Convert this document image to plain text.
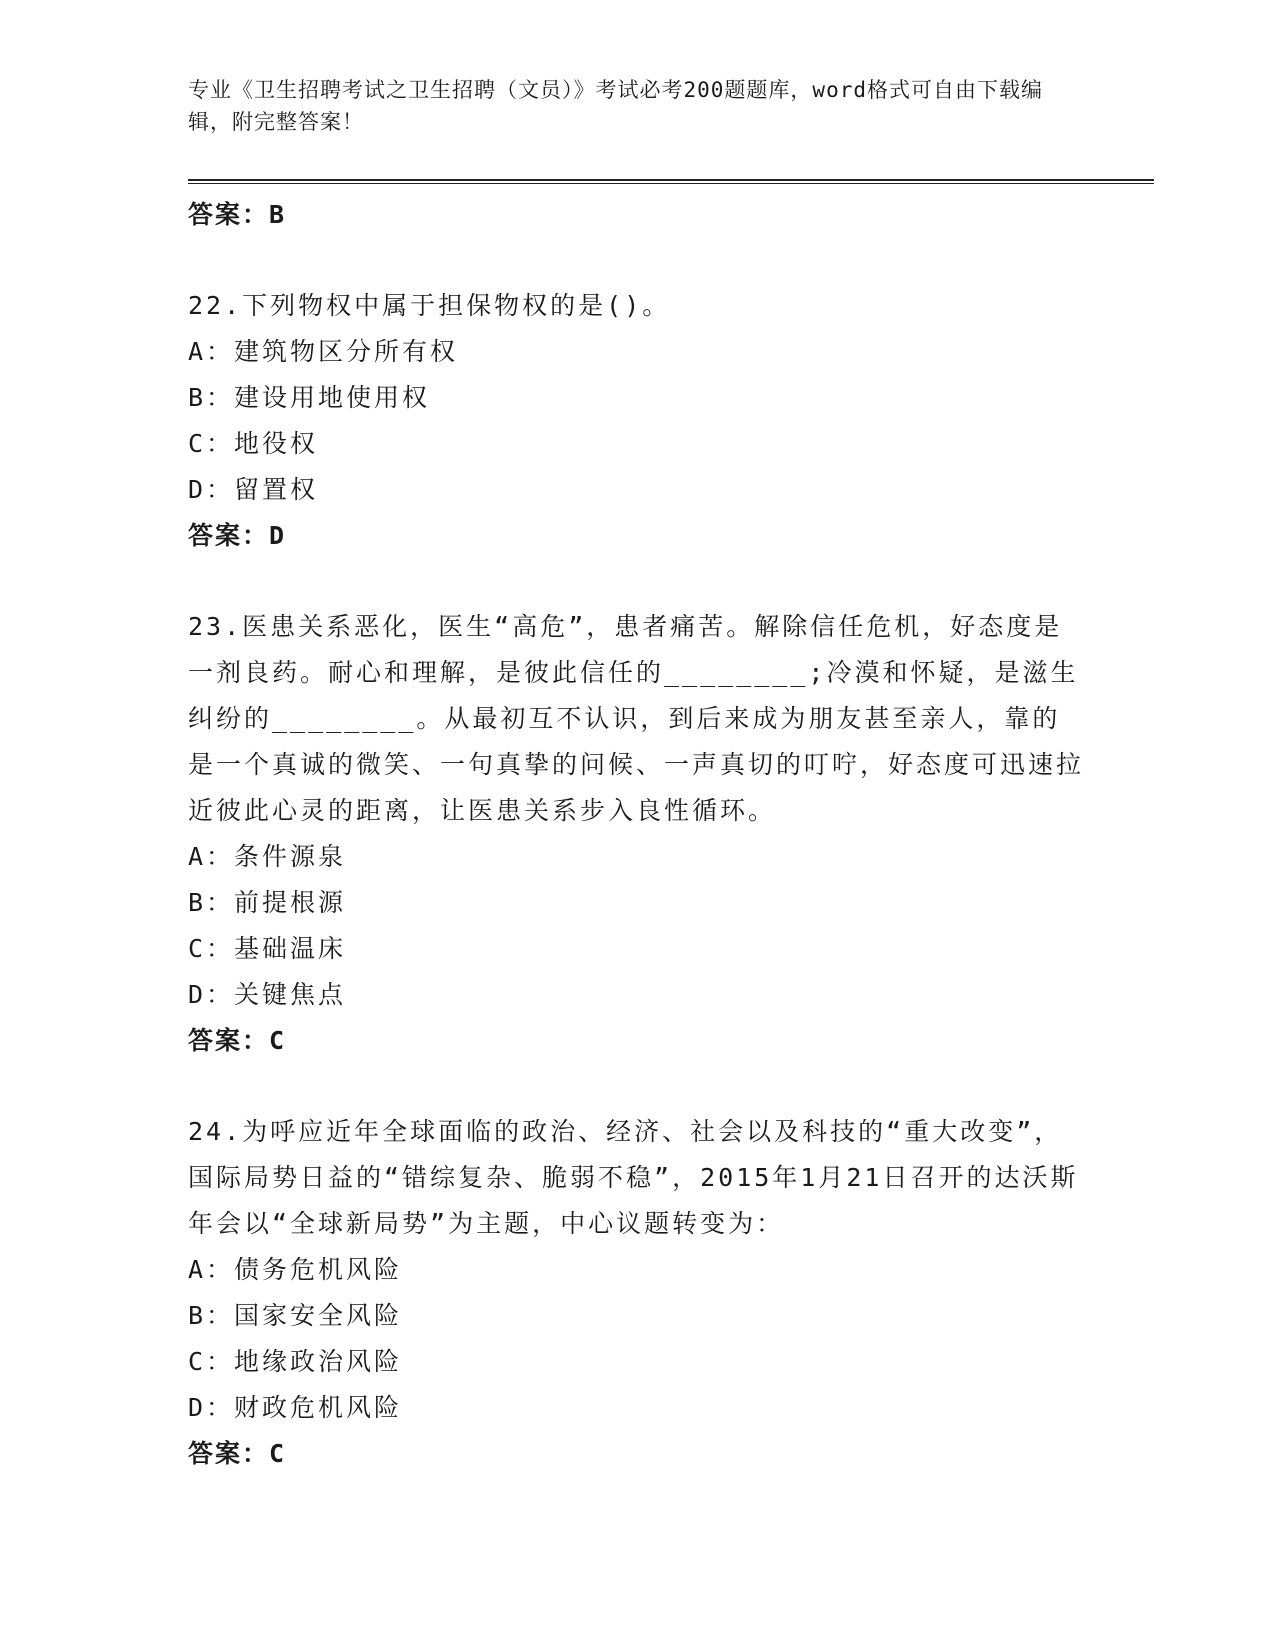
专业《卫生招聘考试之卫生招聘（文员）》考试必考200题题库，word格式可自由下载编辑，附完整答案！
答案：B
22.下列物权中属于担保物权的是()。
A：建筑物区分所有权
B：建设用地使用权
C：地役权
D：留置权
答案：D
23.医患关系恶化，医生“高危”，患者痛苦。解除信任危机，好态度是一剂良药。耐心和理解，是彼此信任的________;冷漠和怀疑，是滋生纠纷的________。从最初互不认识，到后来成为朋友甚至亲人，靠的是一个真诚的微笑、一句真挚的问候、一声真切的叮咛，好态度可迅速拉近彼此心灵的距离，让医患关系步入良性循环。
A：条件源泉
B：前提根源
C：基础温床
D：关键焦点
答案：C
24.为呼应近年全球面临的政治、经济、社会以及科技的“重大改变”，国际局势日益的“错综复杂、脆弱不稳”，2015年1月21日召开的达沃斯年会以“全球新局势”为主题，中心议题转变为：
A：债务危机风险
B：国家安全风险
C：地缘政治风险
D：财政危机风险
答案：C
